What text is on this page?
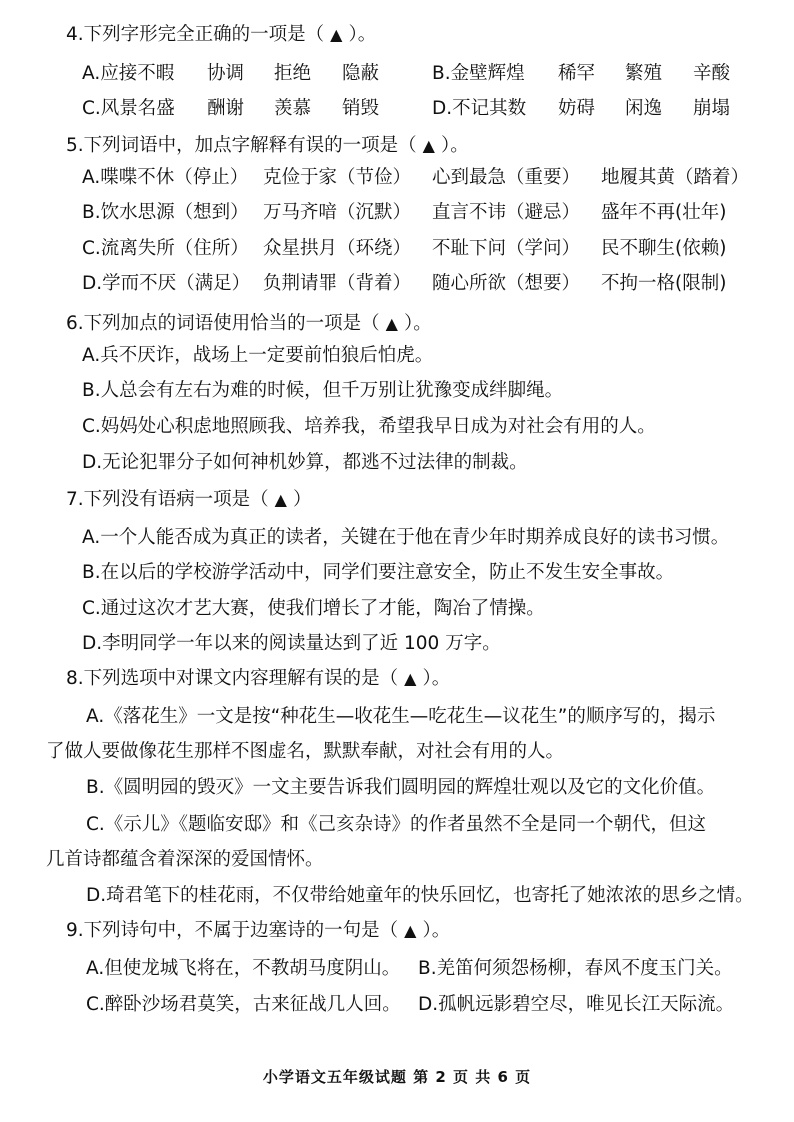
4.下列字形完全正确的一项是（ ▲ ）。
A.应接不暇 协调 拒绝 隐蔽	B.金壁辉煌 稀罕 繁殖 辛酸
C.风景名盛 酬谢 羡慕 销毁	D.不记其数 妨碍 闲逸 崩塌
5.下列词语中，加点字解释有误的一项是（ ▲ ）。
A.喋喋不休（停止） 克俭于家（节俭） 心到最急（重要） 地履其黄（踏着）
B.饮水思源（想到） 万马齐喑（沉默） 直言不讳（避忌） 盛年不再(壮年)
C.流离失所（住所） 众星拱月（环绕） 不耻下问（学问） 民不聊生(依赖)
D.学而不厌（满足） 负荆请罪（背着） 随心所欲（想要） 不拘一格(限制)
6.下列加点的词语使用恰当的一项是（ ▲ ）。
A.兵不厌诈，战场上一定要前怕狼后怕虎。
B.人总会有左右为难的时候，但千万别让犹豫变成绊脚绳。
C.妈妈处心积虑地照顾我、培养我，希望我早日成为对社会有用的人。
D.无论犯罪分子如何神机妙算，都逃不过法律的制裁。
7.下列没有语病一项是（ ▲ ）
A.一个人能否成为真正的读者，关键在于他在青少年时期养成良好的读书习惯。
B.在以后的学校游学活动中，同学们要注意安全，防止不发生安全事故。
C.通过这次才艺大赛，使我们增长了才能，陶冶了情操。
D.李明同学一年以来的阅读量达到了近 100 万字。
8.下列选项中对课文内容理解有误的是（ ▲ ）。
A.《落花生》一文是按“种花生—收花生—吃花生—议花生”的顺序写的，揭示
了做人要做像花生那样不图虚名，默默奉献，对社会有用的人。
B.《圆明园的毁灭》一文主要告诉我们圆明园的辉煌壮观以及它的文化价值。
C.《示儿》《题临安邸》和《己亥杂诗》的作者虽然不全是同一个朝代，但这
几首诗都蕴含着深深的爱国情怀。
D.琦君笔下的桂花雨，不仅带给她童年的快乐回忆，也寄托了她浓浓的思乡之情。
9.下列诗句中，不属于边塞诗的一句是（ ▲ ）。
A.但使龙城飞将在，不教胡马度阴山。 B.羌笛何须怨杨柳，春风不度玉门关。
C.醉卧沙场君莫笑，古来征战几人回。 D.孤帆远影碧空尽，唯见长江天际流。
小学语文五年级试题 第 2 页 共 6 页
